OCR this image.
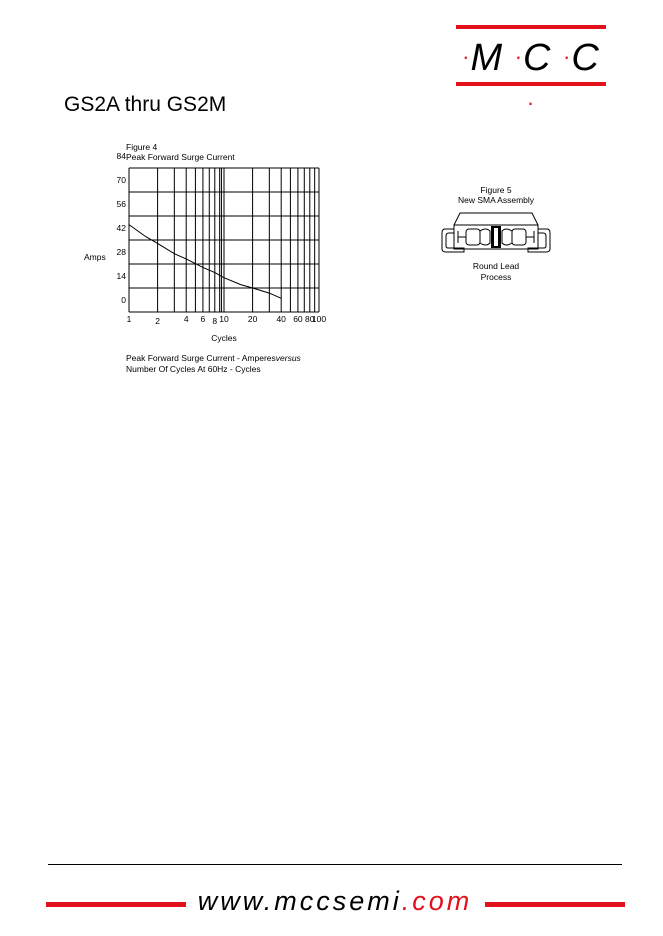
·M ·C ·C ·
GS2A thru GS2M
Figure 4
Peak Forward Surge Current
Amps
84
70
56
42
28
14
0
1	2	4	6 8 10	20	40 60 80
100
Cycles
Peak Forward Surge Current - Amperesversus
Number Of Cycles At 60Hz - Cycles
Figure 5
New SMA Assembly
Round Lead
Process
www.mccsemi.com
